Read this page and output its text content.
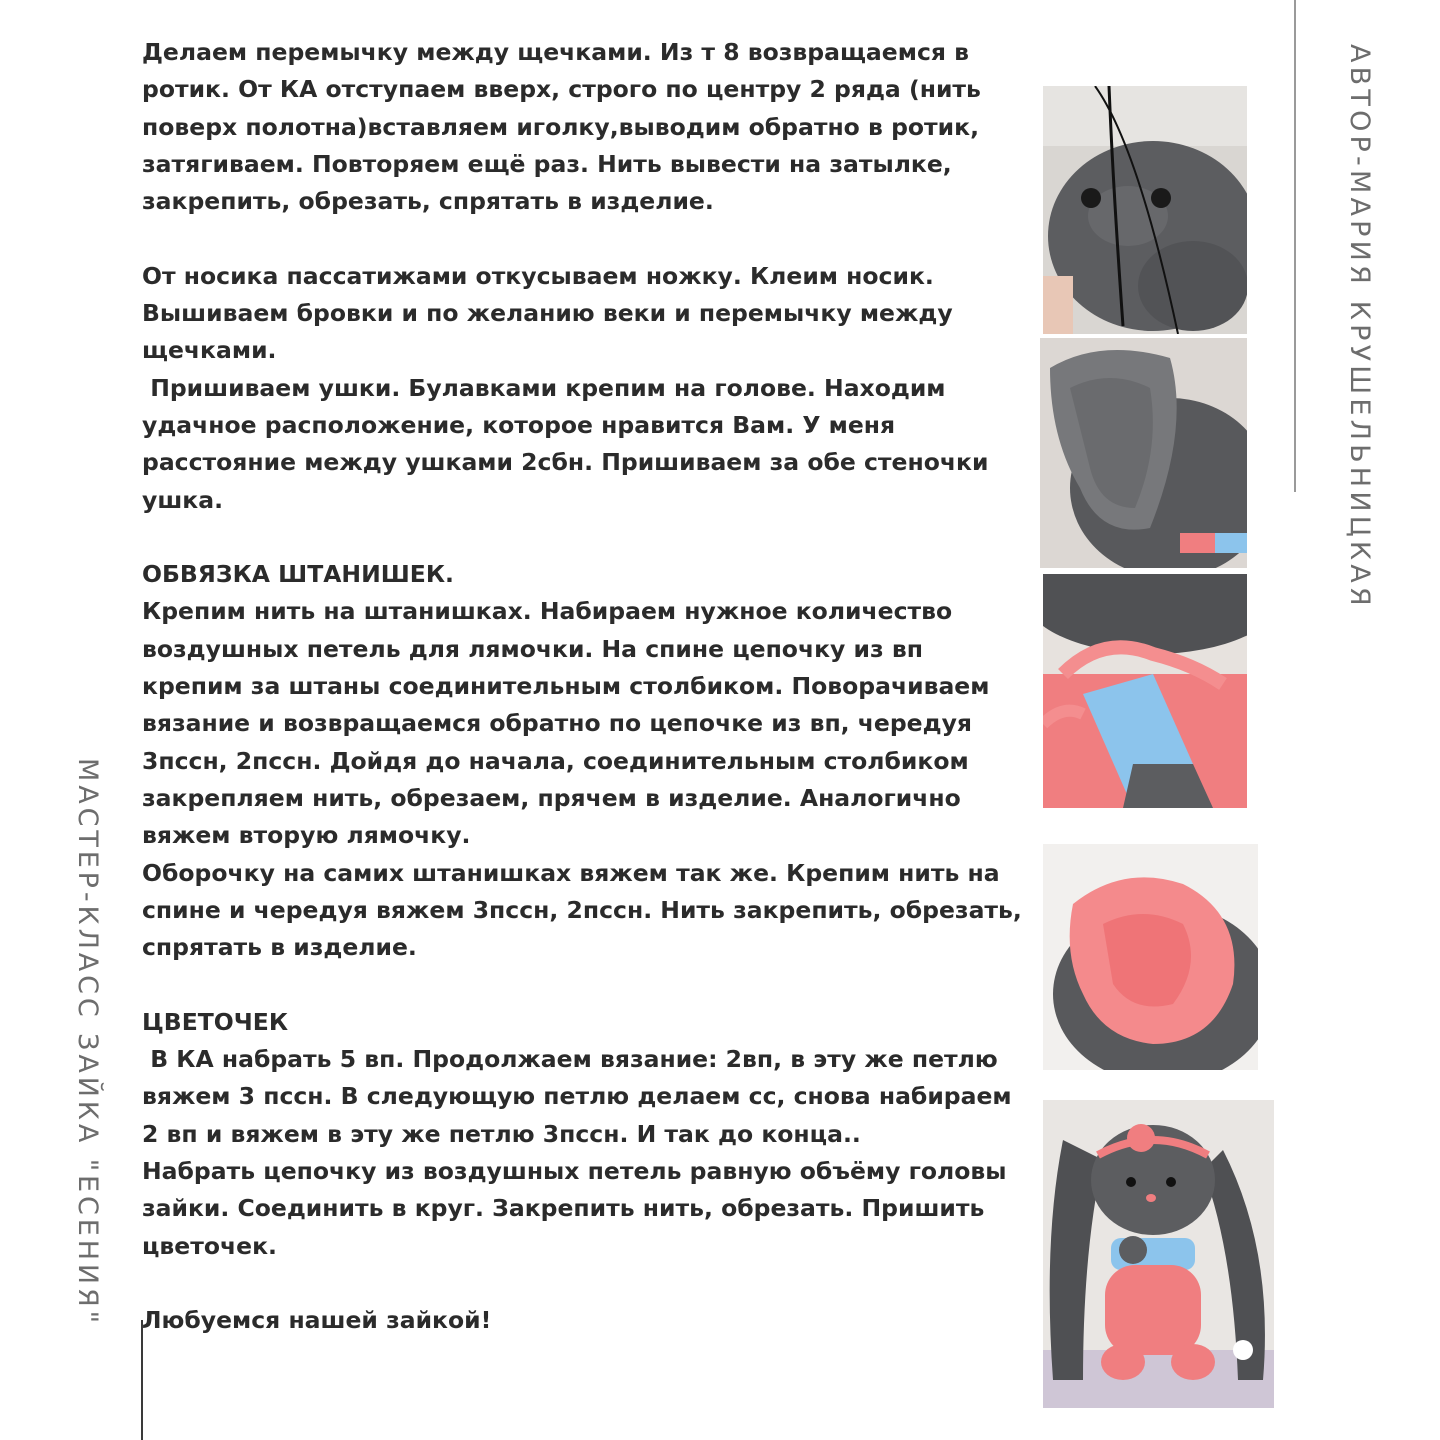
АВТОР-МАРИЯ КРУШЕЛЬНИЦКАЯ
МАСТЕР-КЛАСС ЗАЙКА "ЕСЕНИЯ"

Делаем перемычку между щечками. Из т 8 возвращаемся в
ротик. От КА отступаем вверх, строго по центру 2 ряда (нить
поверх полотна)вставляем иголку,выводим обратно в ротик,
затягиваем. Повторяем ещё раз. Нить вывести на затылке,
закрепить, обрезать, спрятать в изделие.

От носика пассатижами откусываем ножку. Клеим носик.
Вышиваем бровки и по желанию веки и перемычку между
щечками.

Пришиваем ушки. Булавками крепим на голове. Находим
удачное расположение, которое нравится Вам. У меня
расстояние между ушками 2сбн. Пришиваем за обе стеночки
ушка.

ОБВЯЗКА ШТАНИШЕК.

Крепим нить на штанишках. Набираем нужное количество
воздушных петель для лямочки. На спине цепочку из вп
крепим за штаны соединительным столбиком. Поворачиваем
вязание и возвращаемся обратно по цепочке из вп, чередуя
3пссн, 2пссн. Дойдя до начала, соединительным столбиком
закрепляем нить, обрезаем, прячем в изделие. Аналогично
вяжем вторую лямочку.

Оборочку на самих штанишках вяжем так же. Крепим нить на
спине и чередуя вяжем 3пссн, 2пссн. Нить закрепить, обрезать,
спрятать в изделие.

ЦВЕТОЧЕК

В КА набрать 5 вп. Продолжаем вязание: 2вп, в эту же петлю
вяжем 3 пссн. В следующую петлю делаем сс, снова набираем
2 вп и вяжем в эту же петлю 3пссн. И так до конца..

Набрать цепочку из воздушных петель равную объёму головы
зайки. Соединить в круг. Закрепить нить, обрезать. Пришить
цветочек.

Любуемся нашей зайкой!
